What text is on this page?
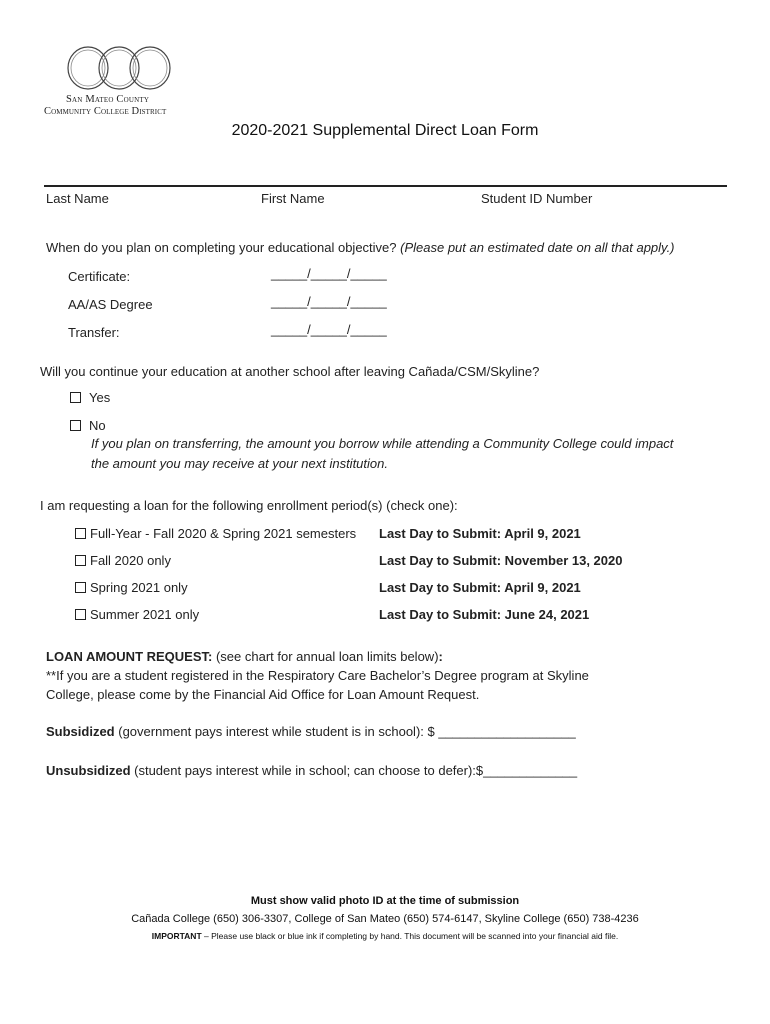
San Mateo County
Community College District
2020-2021 Supplemental Direct Loan Form
Last Name	First Name	Student ID Number
When do you plan on completing your educational objective? (Please put an estimated date on all that apply.)
Certificate:	_____/_____/_____
AA/AS Degree	_____/_____/_____
Transfer:	_____/_____/_____
Will you continue your education at another school after leaving Cañada/CSM/Skyline?
Yes
No
If you plan on transferring, the amount you borrow while attending a Community College could impact
the amount you may receive at your next institution.
I am requesting a loan for the following enrollment period(s) (check one):
Full-Year - Fall 2020 & Spring 2021 semesters Last Day to Submit: April 9, 2021
Fall 2020 only	Last Day to Submit: November 13, 2020
Spring 2021 only	Last Day to Submit: April 9, 2021
Summer 2021 only	Last Day to Submit: June 24, 2021
LOAN AMOUNT REQUEST: (see chart for annual loan limits below):
**If you are a student registered in the Respiratory Care Bachelor’s Degree program at Skyline
College, please come by the Financial Aid Office for Loan Amount Request.
Subsidized (government pays interest while student is in school): $ ___________________
Unsubsidized (student pays interest while in school; can choose to defer):$_____________
Must show valid photo ID at the time of submission
Cañada College (650) 306-3307, College of San Mateo (650) 574-6147, Skyline College (650) 738-4236
IMPORTANT – Please use black or blue ink if completing by hand. This document will be scanned into your financial aid file.
